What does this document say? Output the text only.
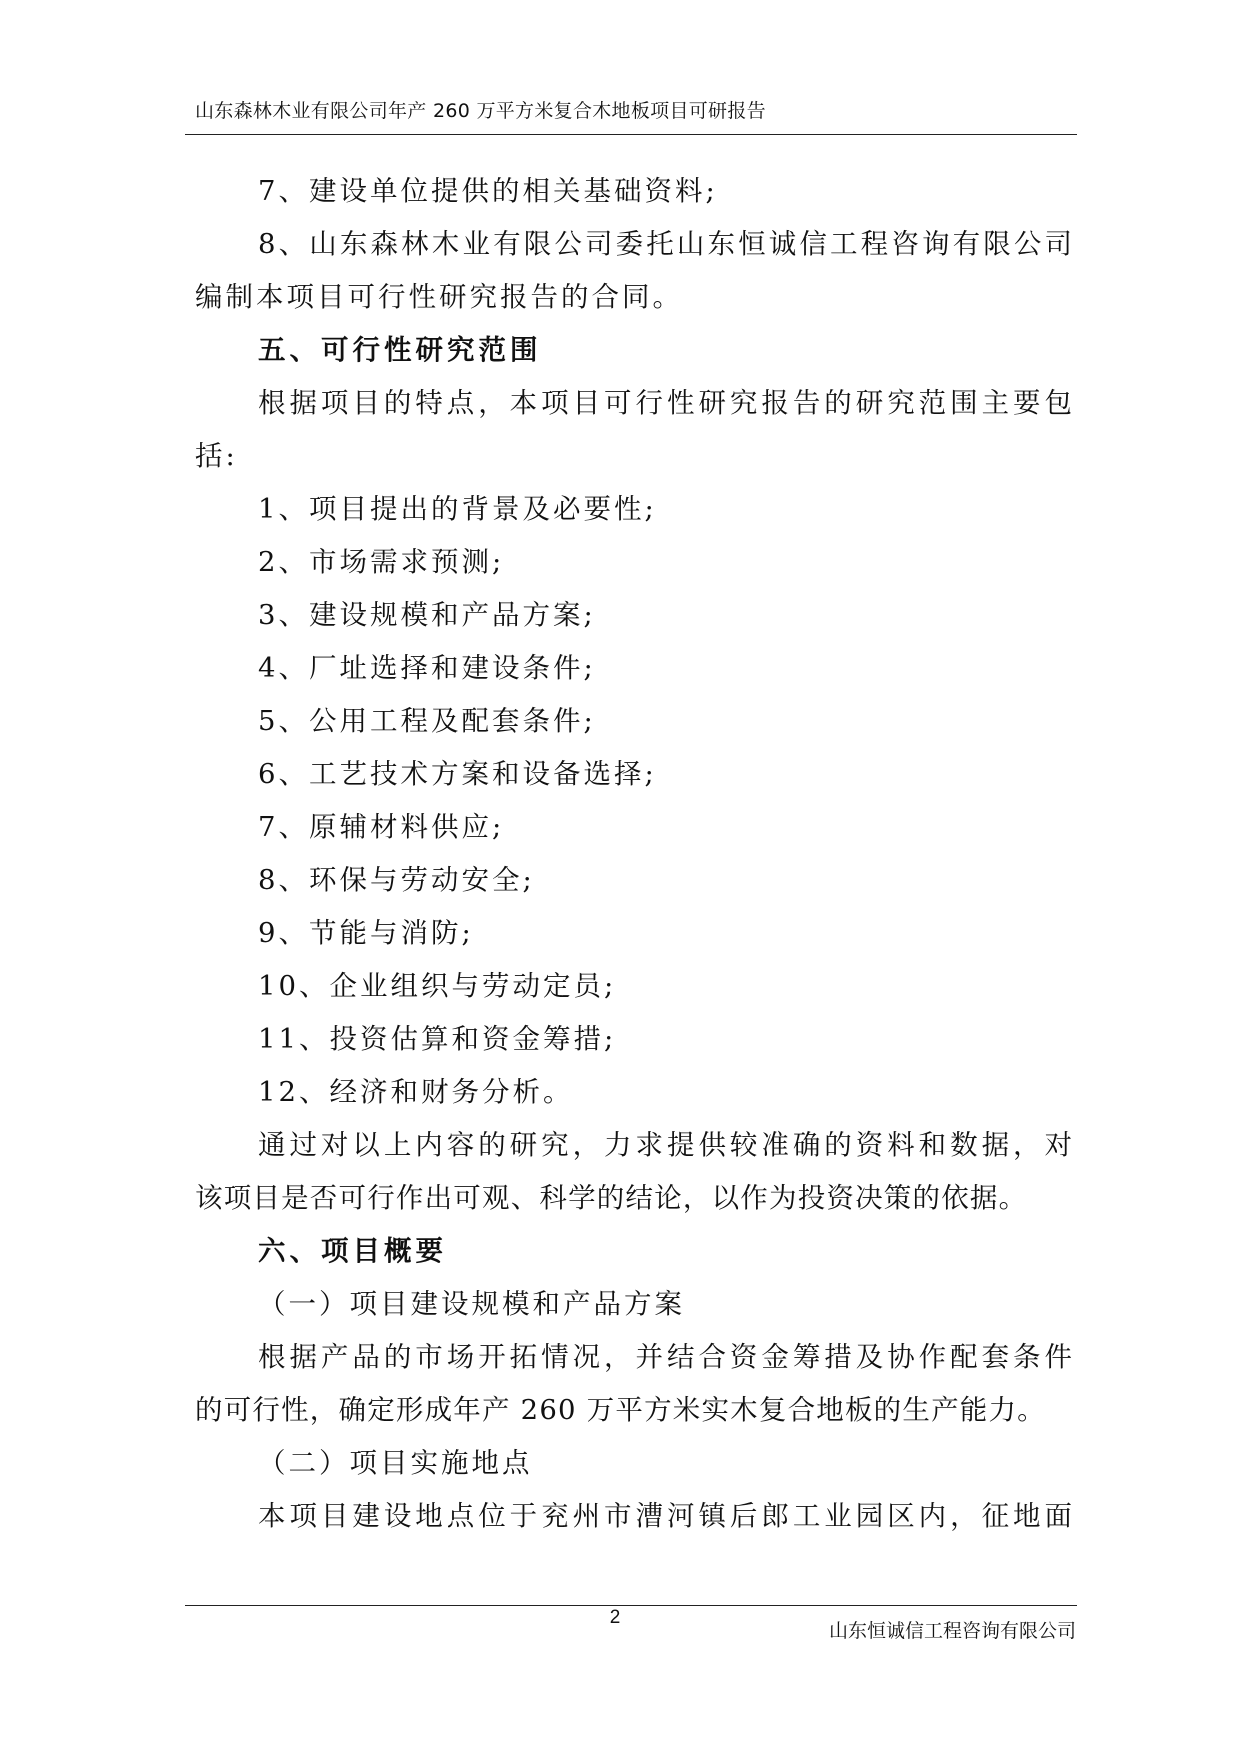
山东森林木业有限公司年产 260 万平方米复合木地板项目可研报告
7、建设单位提供的相关基础资料;
8、山东森林木业有限公司委托山东恒诚信工程咨询有限公司
编制本项目可行性研究报告的合同。
五、可行性研究范围
根据项目的特点，本项目可行性研究报告的研究范围主要包
括:
1、项目提出的背景及必要性;
2、市场需求预测;
3、建设规模和产品方案;
4、厂址选择和建设条件;
5、公用工程及配套条件;
6、工艺技术方案和设备选择;
7、原辅材料供应;
8、环保与劳动安全;
9、节能与消防;
10、企业组织与劳动定员;
11、投资估算和资金筹措;
12、经济和财务分析。
通过对以上内容的研究，力求提供较准确的资料和数据，对
该项目是否可行作出可观、科学的结论，以作为投资决策的依据。
六、项目概要
（一）项目建设规模和产品方案
根据产品的市场开拓情况，并结合资金筹措及协作配套条件
的可行性，确定形成年产 260 万平方米实木复合地板的生产能力。
（二）项目实施地点
本项目建设地点位于兖州市漕河镇后郎工业园区内，征地面
2
山东恒诚信工程咨询有限公司
